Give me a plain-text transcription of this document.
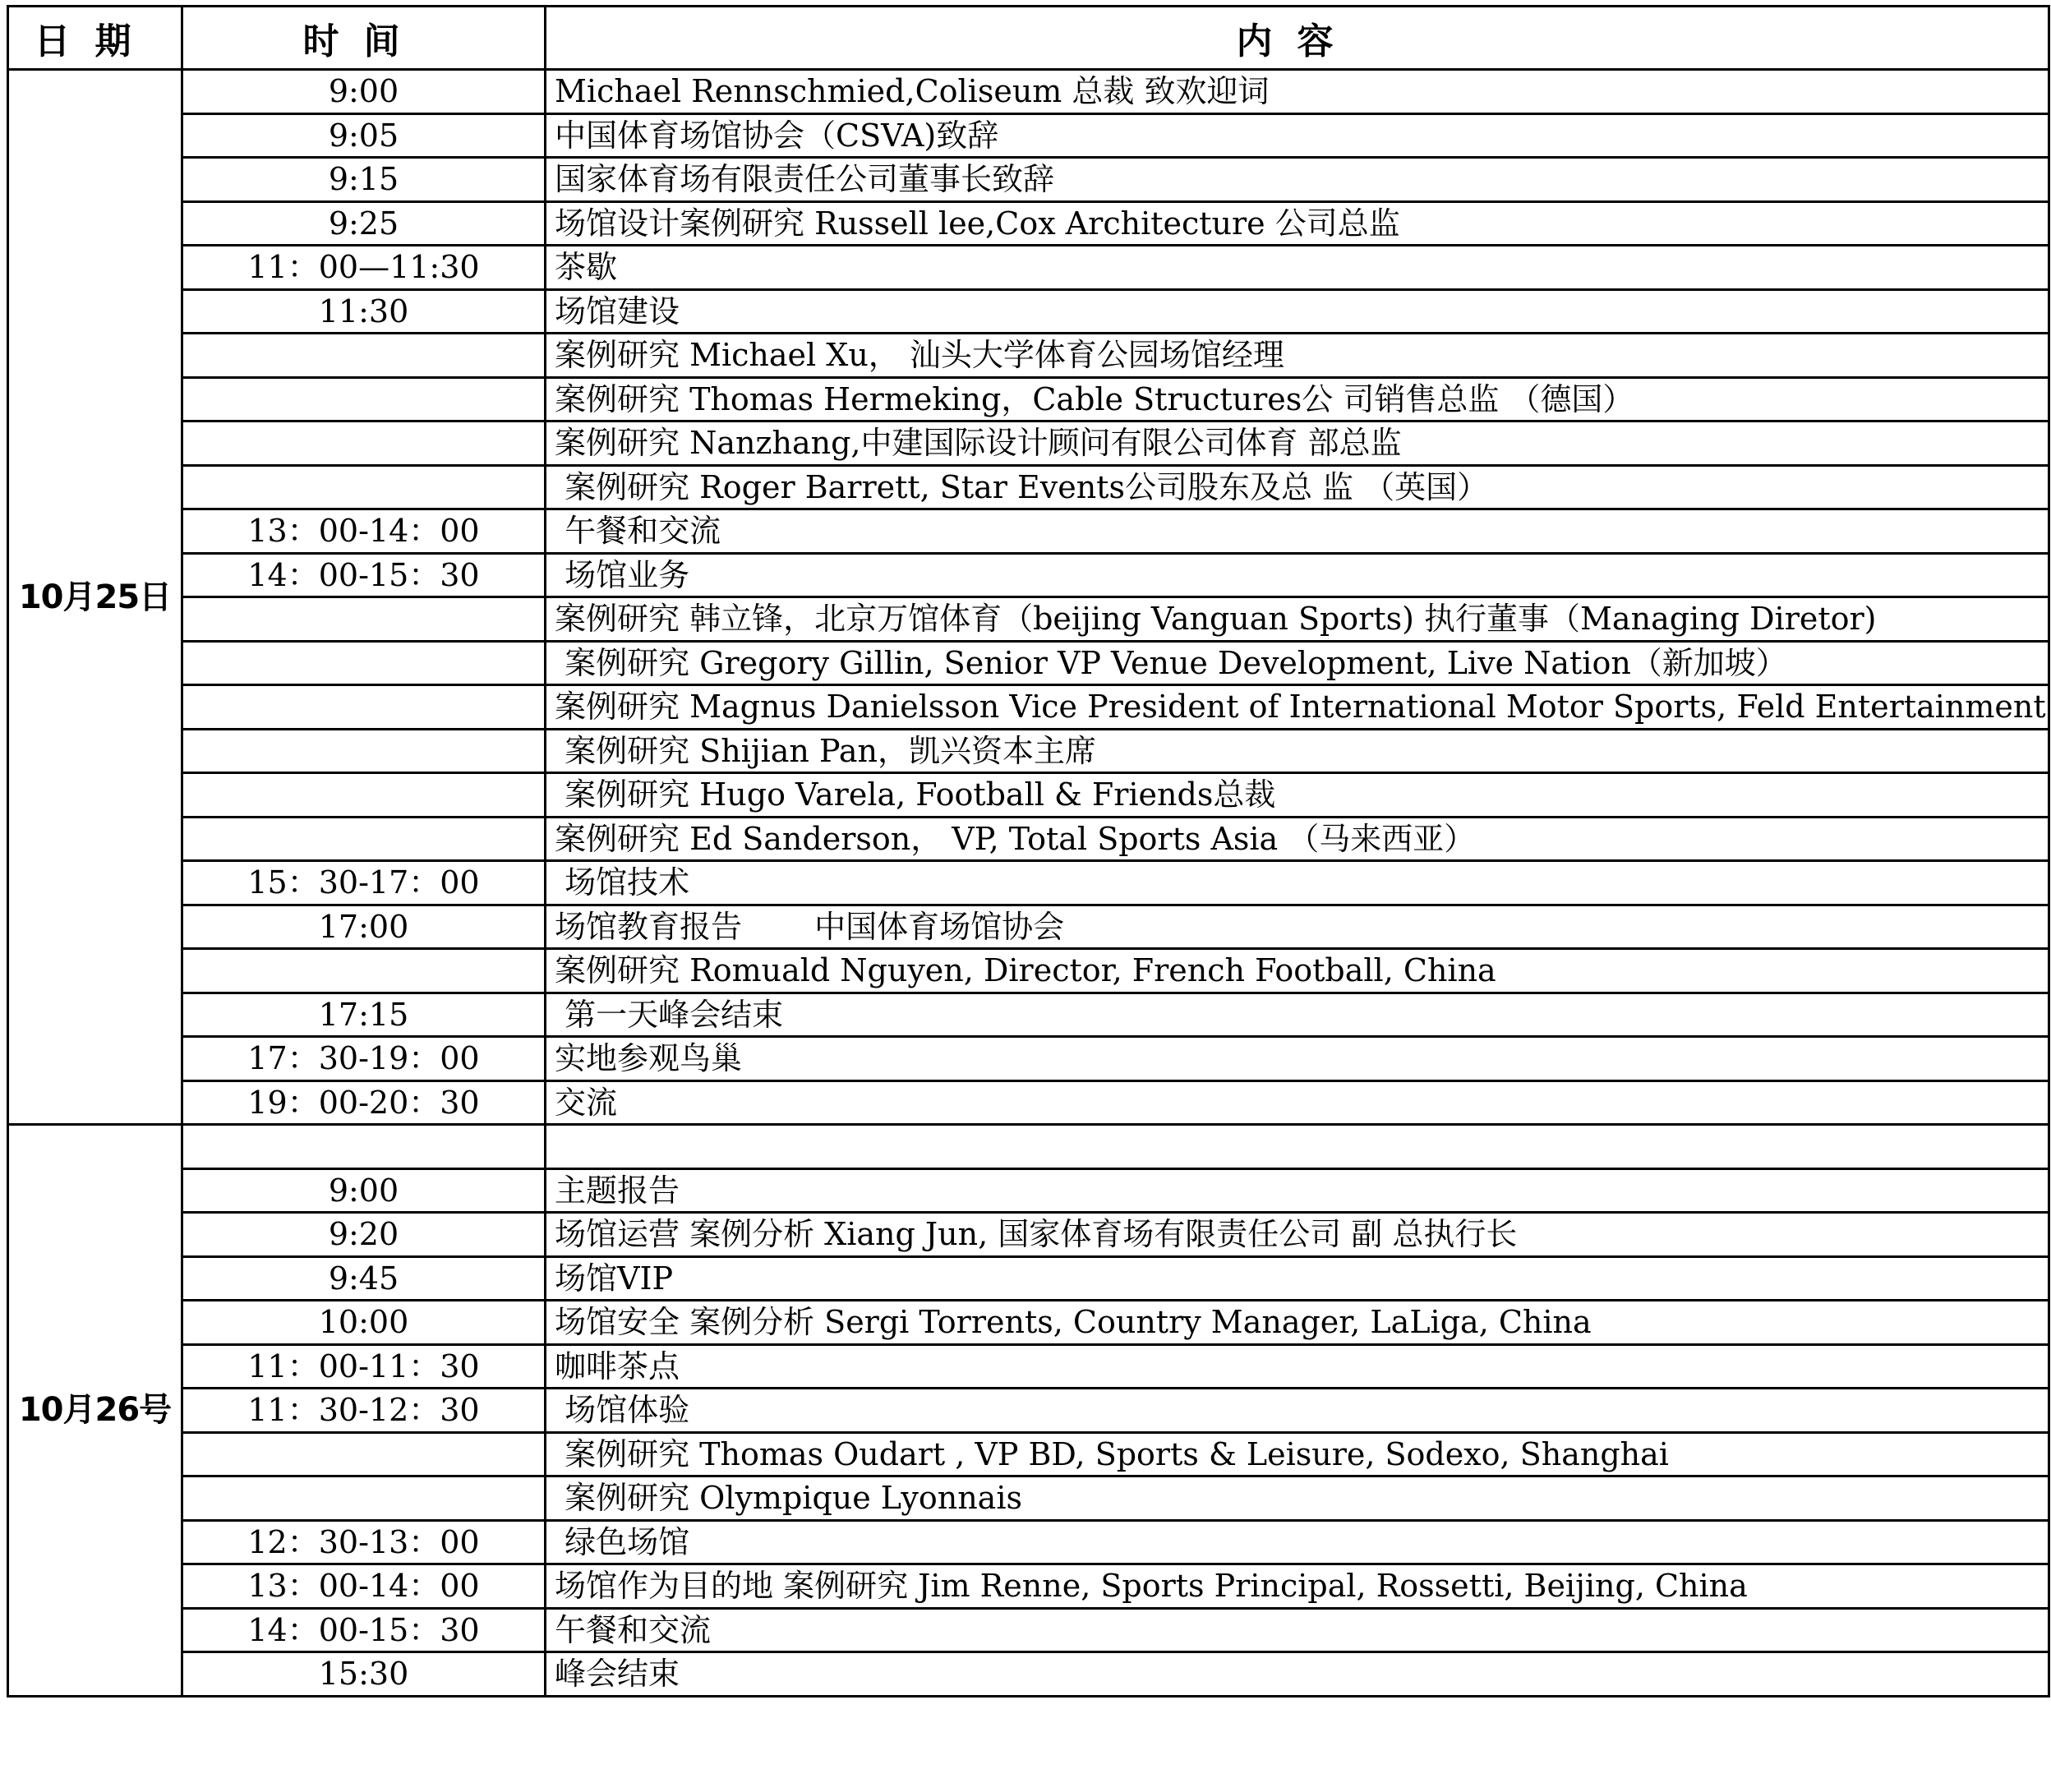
日期	时间	内容
10月25日	9:00	Michael Rennschmied,Coliseum 总裁 致欢迎词
	9:05	中国体育场馆协会（CSVA)致辞
	9:15	国家体育场有限责任公司董事长致辞
	9:25	场馆设计案例研究 Russell lee,Cox Architecture 公司总监
	11：00—11:30	茶歇
	11:30	场馆建设
		案例研究 Michael Xu， 汕头大学体育公园场馆经理
		案例研究 Thomas Hermeking，Cable Structures公 司销售总监 （德国）
		案例研究 Nanzhang,中建国际设计顾问有限公司体育 部总监
		案例研究 Roger Barrett, Star Events公司股东及总 监 （英国）
	13：00-14：00	午餐和交流
	14：00-15：30	场馆业务
		案例研究 韩立锋，北京万馆体育（beijing Vanguan Sports) 执行董事（Managing Diretor)
		案例研究 Gregory Gillin, Senior VP Venue Development, Live Nation（新加坡）
		案例研究 Magnus Danielsson Vice President of International Motor Sports, Feld Entertainment
		案例研究 Shijian Pan，凯兴资本主席
		案例研究 Hugo Varela, Football & Friends总裁
		案例研究 Ed Sanderson， VP, Total Sports Asia （马来西亚）
	15：30-17：00	场馆技术
	17:00	场馆教育报告 　　中国体育场馆协会
		案例研究 Romuald Nguyen, Director, French Football, China
	17:15	第一天峰会结束
	17：30-19：00	实地参观鸟巢
	19：00-20：30	交流
10月26号		
	9:00	主题报告
	9:20	场馆运营 案例分析 Xiang Jun, 国家体育场有限责任公司 副 总执行长
	9:45	场馆VIP
	10:00	场馆安全 案例分析 Sergi Torrents, Country Manager, LaLiga, China
	11：00-11：30	咖啡茶点
	11：30-12：30	场馆体验
		案例研究 Thomas Oudart , VP BD, Sports & Leisure, Sodexo, Shanghai
		案例研究 Olympique Lyonnais
	12：30-13：00	绿色场馆
	13：00-14：00	场馆作为目的地 案例研究 Jim Renne, Sports Principal, Rossetti, Beijing, China
	14：00-15：30	午餐和交流
	15:30	峰会结束
